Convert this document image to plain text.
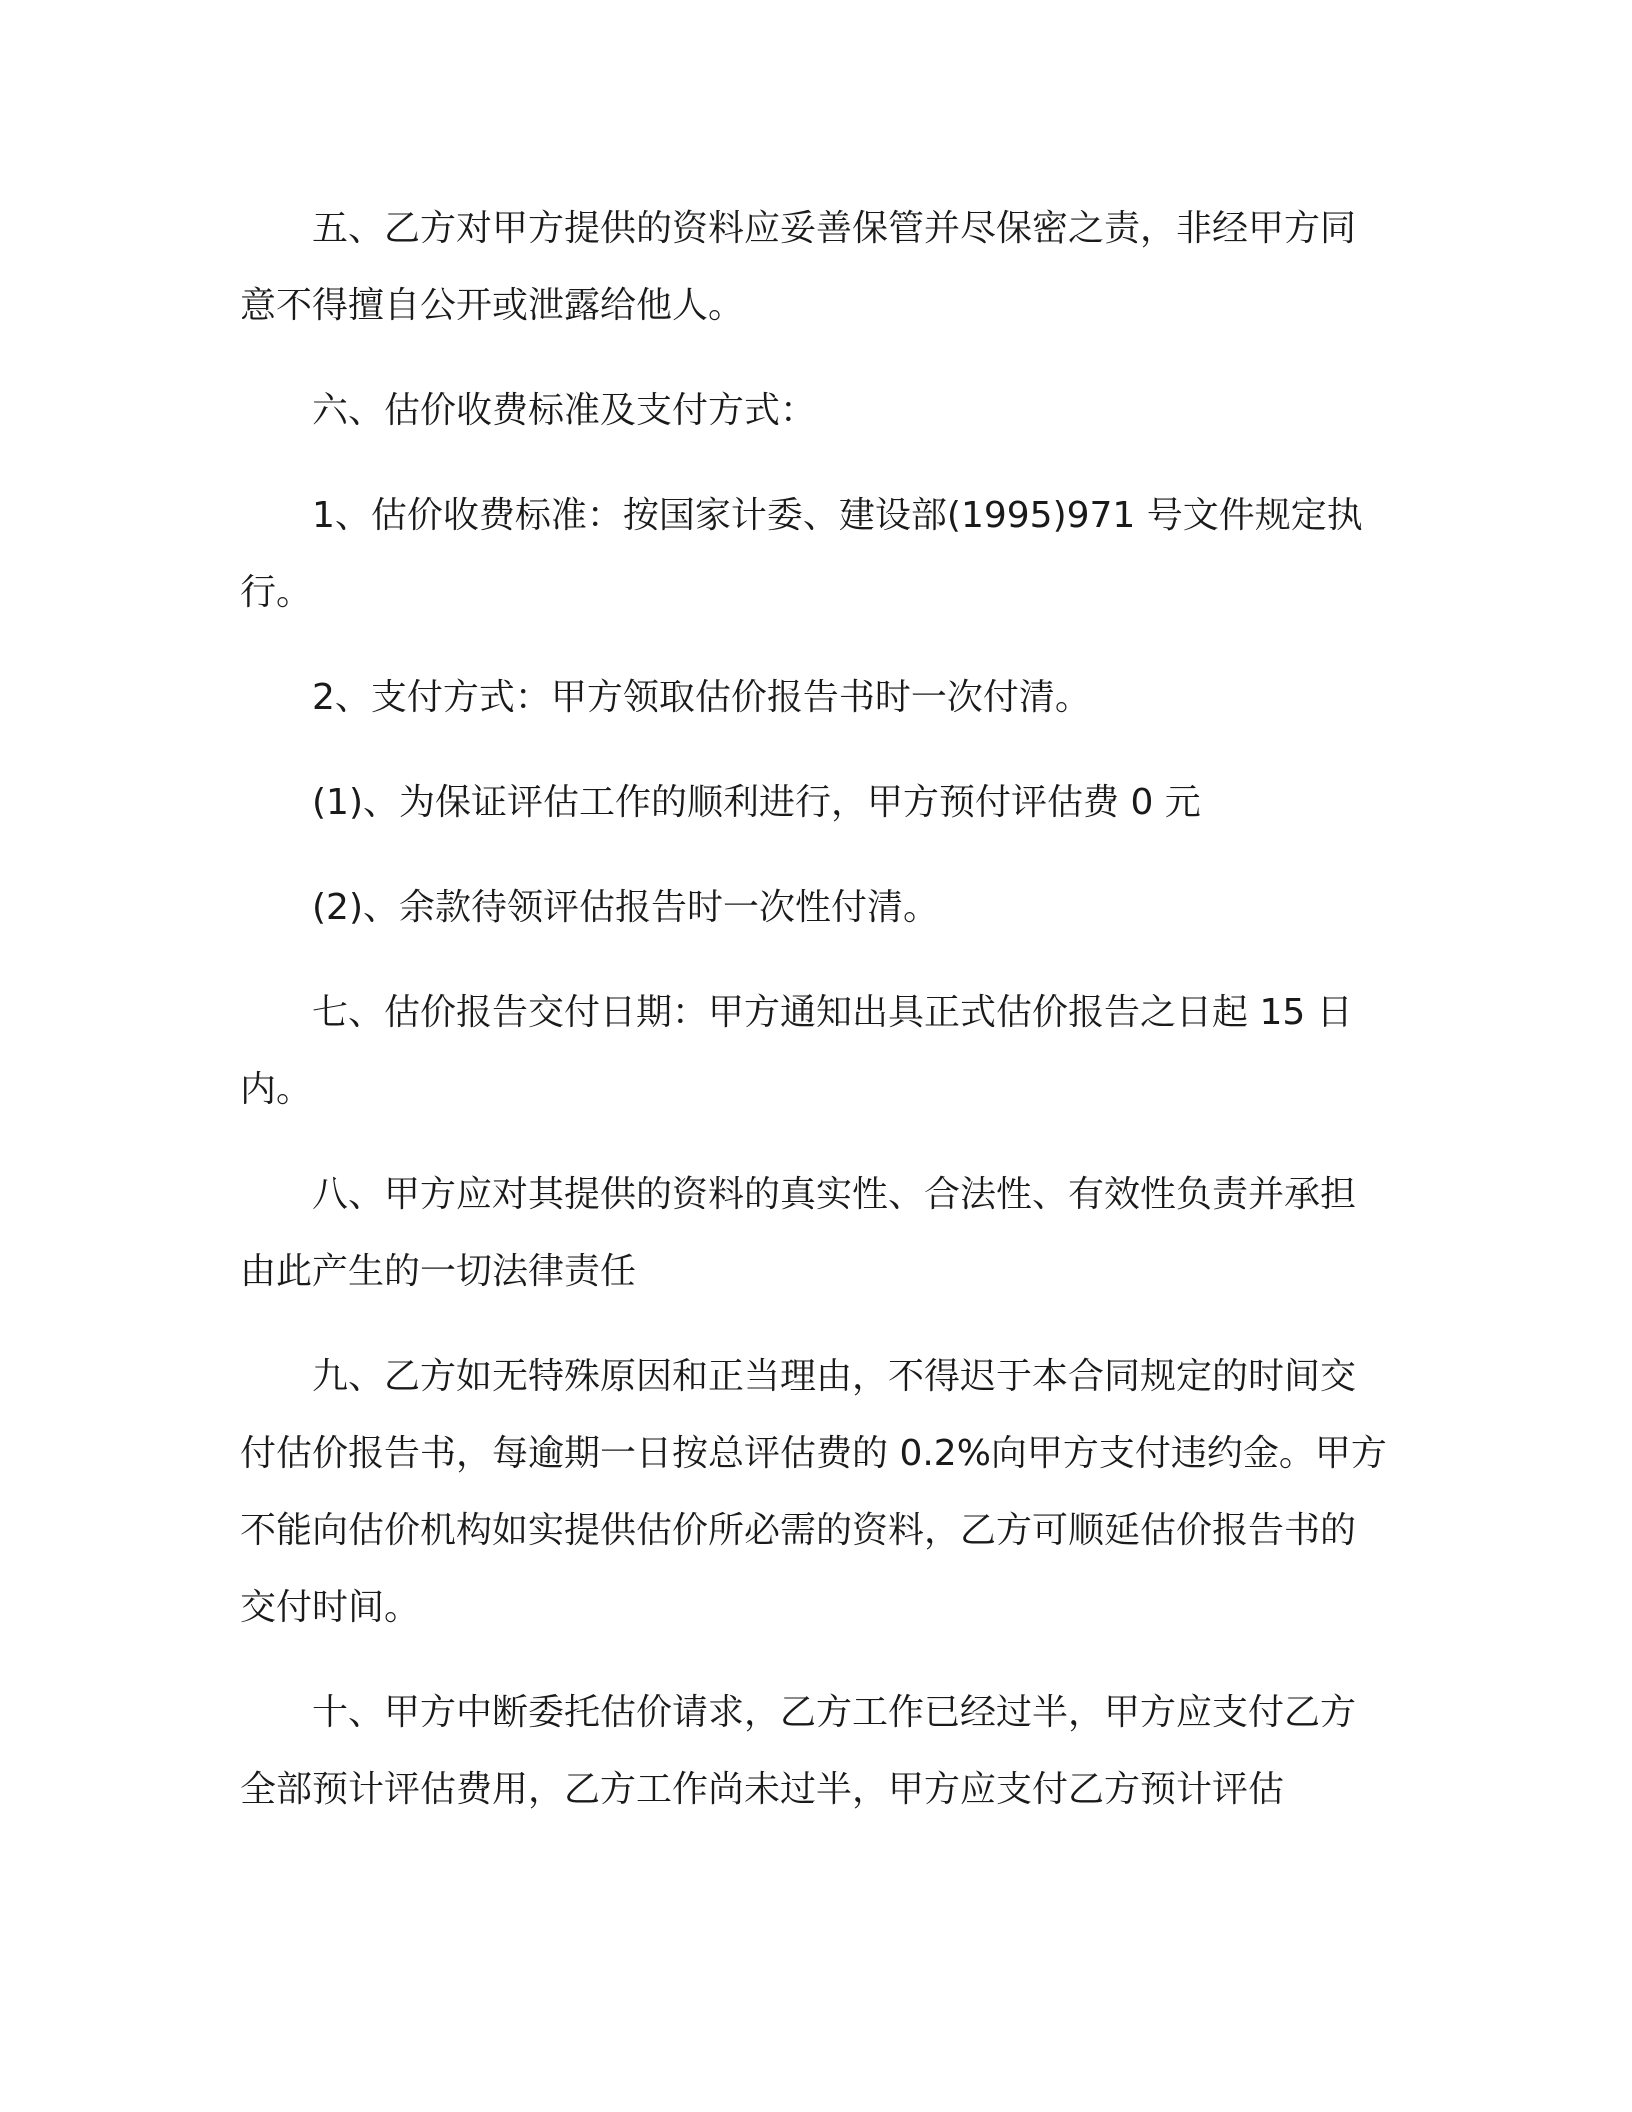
五、乙方对甲方提供的资料应妥善保管并尽保密之责，非经甲方同意不得擅自公开或泄露给他人。

六、估价收费标准及支付方式：

1、估价收费标准：按国家计委、建设部(1995)971 号文件规定执行。

2、支付方式：甲方领取估价报告书时一次付清。

(1)、为保证评估工作的顺利进行，甲方预付评估费 0 元

(2)、余款待领评估报告时一次性付清。

七、估价报告交付日期：甲方通知出具正式估价报告之日起 15 日内。

八、甲方应对其提供的资料的真实性、合法性、有效性负责并承担由此产生的一切法律责任

九、乙方如无特殊原因和正当理由，不得迟于本合同规定的时间交付估价报告书，每逾期一日按总评估费的 0.2%向甲方支付违约金。甲方不能向估价机构如实提供估价所必需的资料，乙方可顺延估价报告书的交付时间。

十、甲方中断委托估价请求，乙方工作已经过半，甲方应支付乙方全部预计评估费用，乙方工作尚未过半，甲方应支付乙方预计评估
